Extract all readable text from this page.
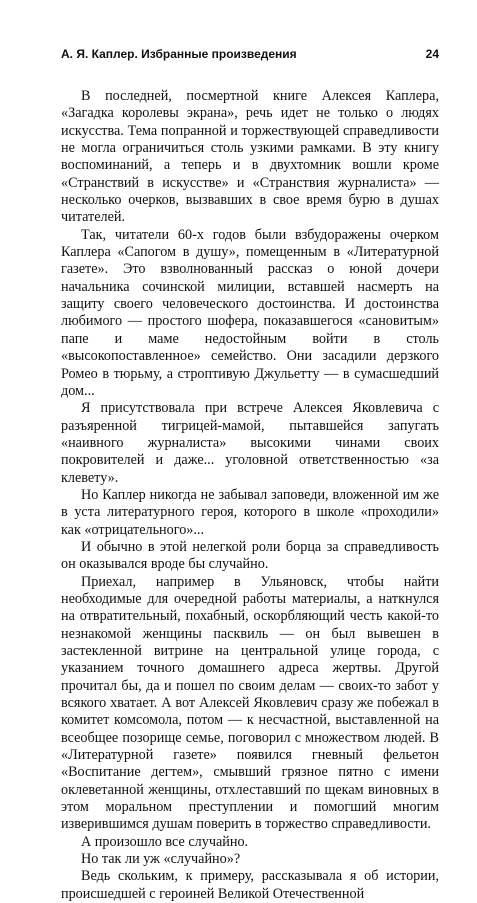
А. Я. Каплер. Избранные произведения	24

В последней, посмертной книге Алексея Каплера, «Загадка королевы экрана», речь идет не только о людях искусства. Тема попранной и торжествующей справедливости не могла ограничиться столь узкими рамками. В эту книгу воспоминаний, а теперь и в двухтомник вошли кроме «Странствий в искусстве» и «Странствия журналиста» — несколько очерков, вызвавших в свое время бурю в душах читателей.

Так, читатели 60-х годов были взбудоражены очерком Каплера «Сапогом в душу», помещенным в «Литературной газете». Это взволнованный рассказ о юной дочери начальника сочинской милиции, вставшей насмерть на защиту своего человеческого достоинства. И достоинства любимого — простого шофера, показавшегося «сановитым» папе и маме недостойным войти в столь «высокопоставленное» семейство. Они засадили дерзкого Ромео в тюрьму, а строптивую Джульетту — в сумасшедший дом...

Я присутствовала при встрече Алексея Яковлевича с разъяренной тигрицей-мамой, пытавшейся запугать «наивного журналиста» высокими чинами своих покровителей и даже... уголовной ответственностью «за клевету».

Но Каплер никогда не забывал заповеди, вложенной им же в уста литературного героя, которого в школе «проходили» как «отрицательного»...

И обычно в этой нелегкой роли борца за справедливость он оказывался вроде бы случайно.

Приехал, например в Ульяновск, чтобы найти необходимые для очередной работы материалы, а наткнулся на отвратительный, похабный, оскорбляющий честь какой-то незнакомой женщины пасквиль — он был вывешен в застекленной витрине на центральной улице города, с указанием точного домашнего адреса жертвы. Другой прочитал бы, да и пошел по своим делам — своих-то забот у всякого хватает. А вот Алексей Яковлевич сразу же побежал в комитет комсомола, потом — к несчастной, выставленной на всеобщее позорище семье, поговорил с множеством людей. В «Литературной газете» появился гневный фельетон «Воспитание дегтем», смывший грязное пятно с имени оклеветанной женщины, отхлеставший по щекам виновных в этом моральном преступлении и помогший многим изверившимся душам поверить в торжество справедливости.

А произошло все случайно.

Но так ли уж «случайно»?

Ведь скольким, к примеру, рассказывала я об истории, происшедшей с героиней Великой Отечественной
